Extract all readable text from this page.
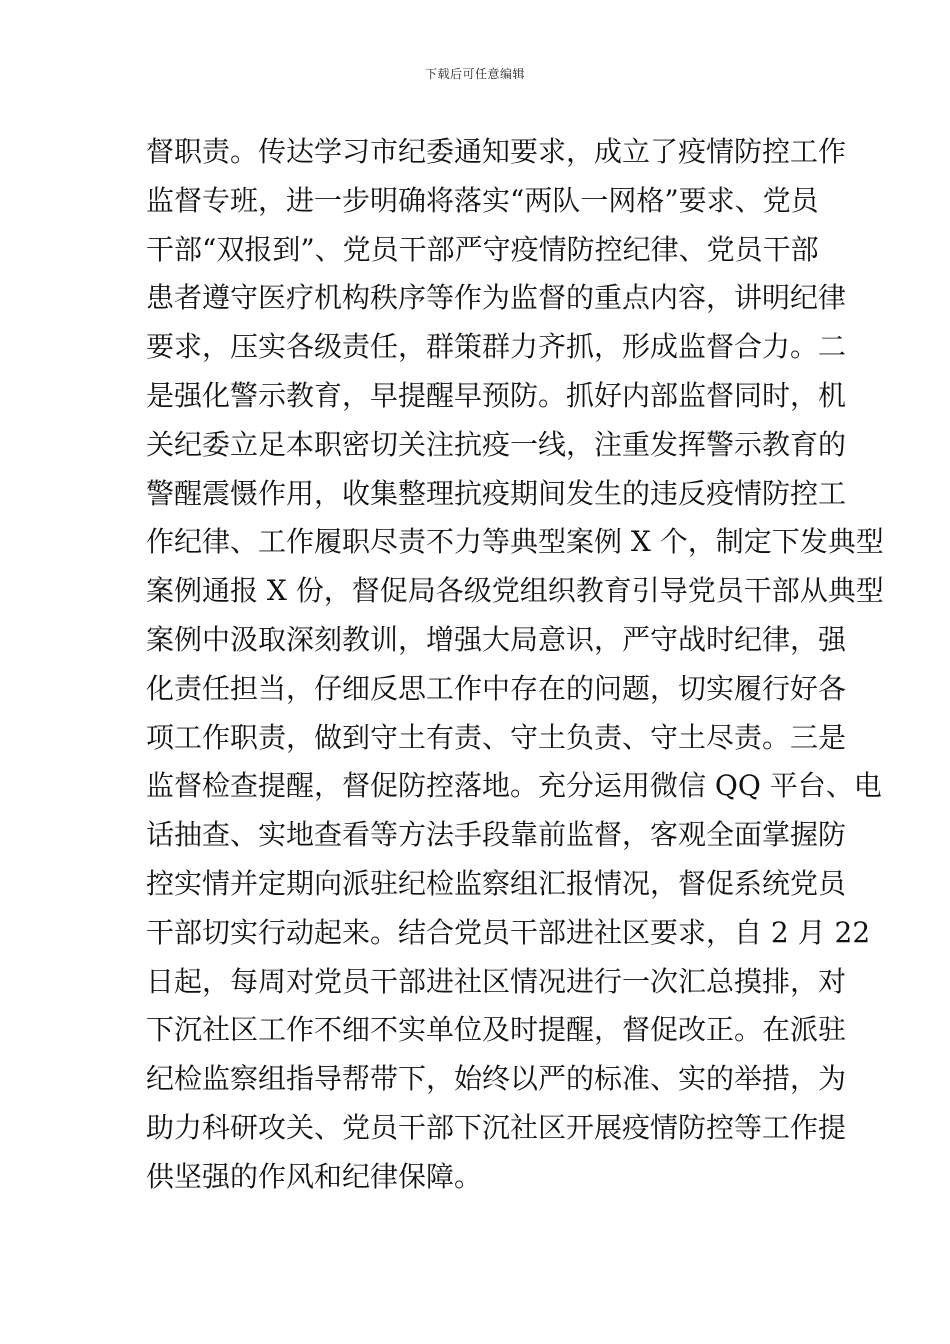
下载后可任意编辑
督职责。传达学习市纪委通知要求，成立了疫情防控工作
监督专班，进一步明确将落实“两队一网格”要求、党员
干部“双报到”、党员干部严守疫情防控纪律、党员干部
患者遵守医疗机构秩序等作为监督的重点内容，讲明纪律
要求，压实各级责任，群策群力齐抓，形成监督合力。二
是强化警示教育，早提醒早预防。抓好内部监督同时，机
关纪委立足本职密切关注抗疫一线，注重发挥警示教育的
警醒震慑作用，收集整理抗疫期间发生的违反疫情防控工
作纪律、工作履职尽责不力等典型案例 X 个，制定下发典型
案例通报 X 份，督促局各级党组织教育引导党员干部从典型
案例中汲取深刻教训，增强大局意识，严守战时纪律，强
化责任担当，仔细反思工作中存在的问题，切实履行好各
项工作职责，做到守土有责、守土负责、守土尽责。三是
监督检查提醒，督促防控落地。充分运用微信 QQ 平台、电
话抽查、实地查看等方法手段靠前监督，客观全面掌握防
控实情并定期向派驻纪检监察组汇报情况，督促系统党员
干部切实行动起来。结合党员干部进社区要求，自 2 月 22
日起，每周对党员干部进社区情况进行一次汇总摸排，对
下沉社区工作不细不实单位及时提醒，督促改正。在派驻
纪检监察组指导帮带下，始终以严的标准、实的举措，为
助力科研攻关、党员干部下沉社区开展疫情防控等工作提
供坚强的作风和纪律保障。
